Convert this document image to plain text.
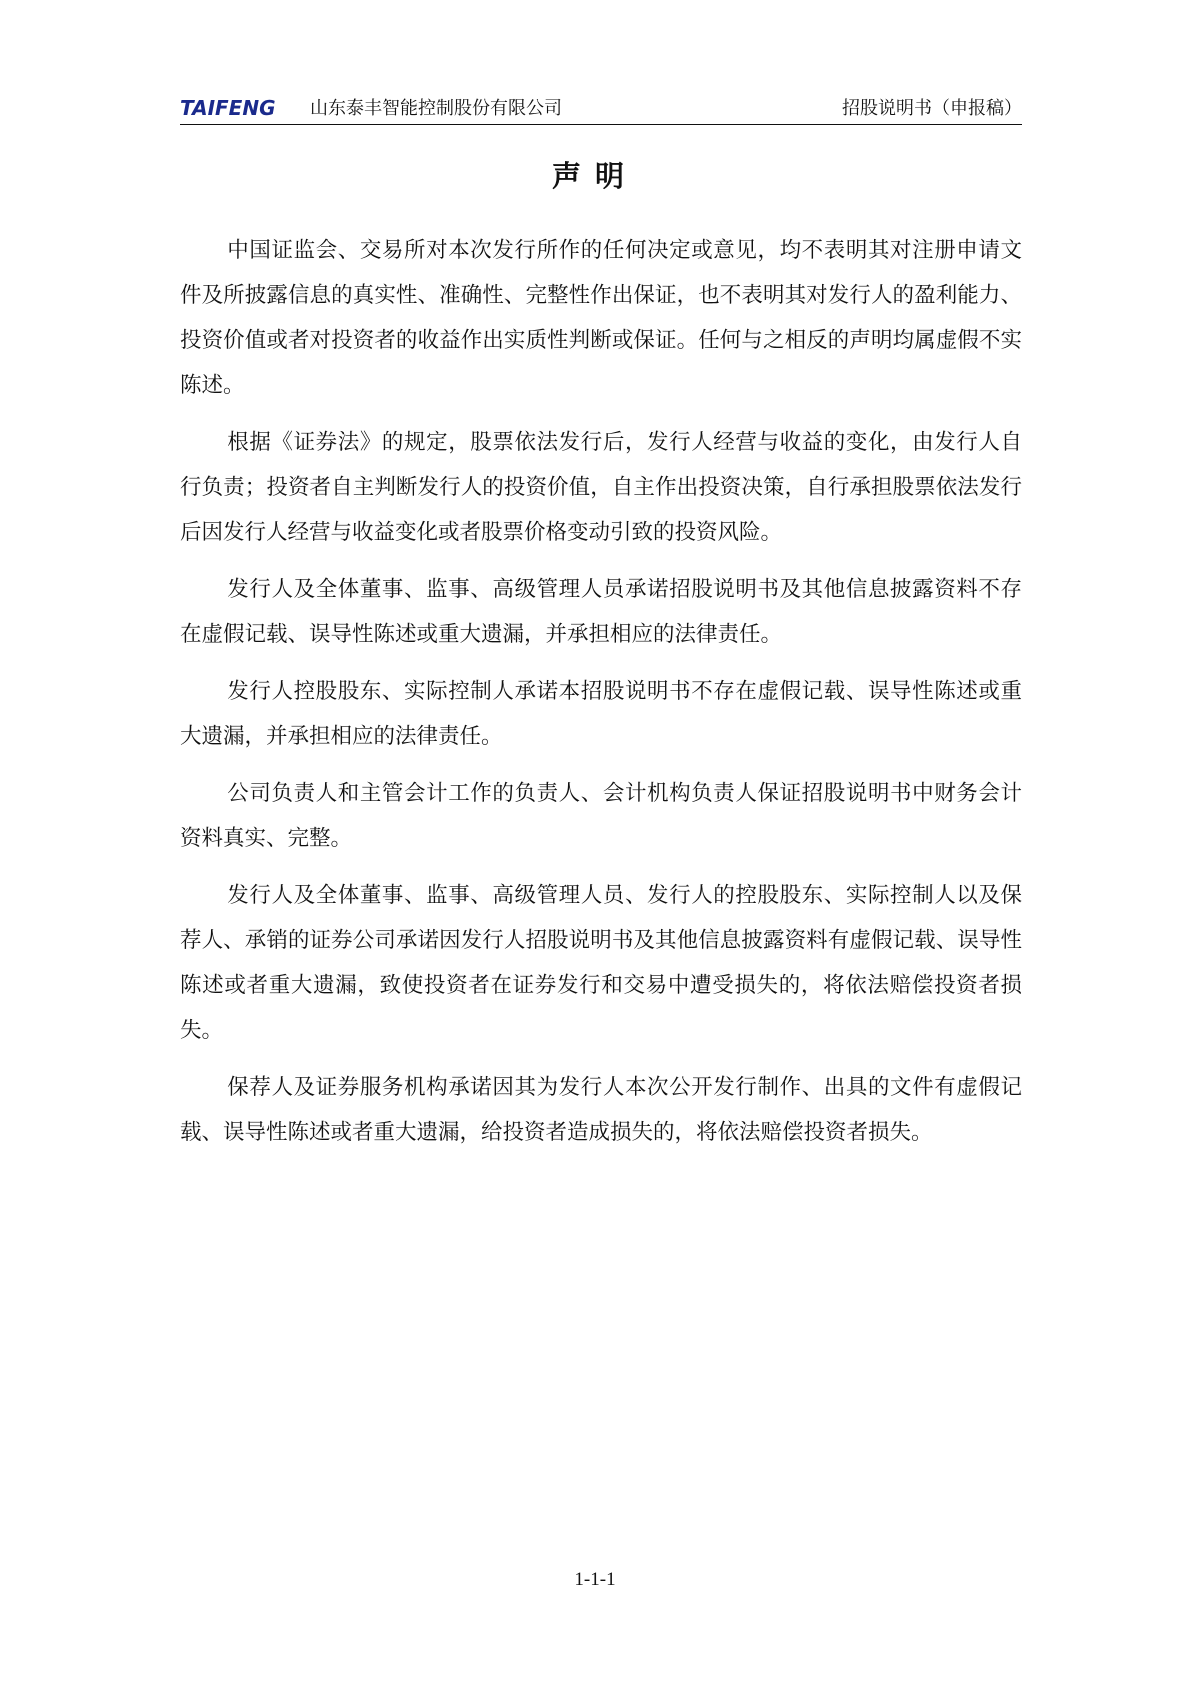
TAIFENG 山东泰丰智能控制股份有限公司	招股说明书（申报稿）
声明

中国证监会、交易所对本次发行所作的任何决定或意见，均不表明其对注册申请文件及所披露信息的真实性、准确性、完整性作出保证，也不表明其对发行人的盈利能力、投资价值或者对投资者的收益作出实质性判断或保证。任何与之相反的声明均属虚假不实陈述。

根据《证券法》的规定，股票依法发行后，发行人经营与收益的变化，由发行人自行负责；投资者自主判断发行人的投资价值，自主作出投资决策，自行承担股票依法发行后因发行人经营与收益变化或者股票价格变动引致的投资风险。

发行人及全体董事、监事、高级管理人员承诺招股说明书及其他信息披露资料不存在虚假记载、误导性陈述或重大遗漏，并承担相应的法律责任。

发行人控股股东、实际控制人承诺本招股说明书不存在虚假记载、误导性陈述或重大遗漏，并承担相应的法律责任。

公司负责人和主管会计工作的负责人、会计机构负责人保证招股说明书中财务会计资料真实、完整。

发行人及全体董事、监事、高级管理人员、发行人的控股股东、实际控制人以及保荐人、承销的证券公司承诺因发行人招股说明书及其他信息披露资料有虚假记载、误导性陈述或者重大遗漏，致使投资者在证券发行和交易中遭受损失的，将依法赔偿投资者损失。

保荐人及证券服务机构承诺因其为发行人本次公开发行制作、出具的文件有虚假记载、误导性陈述或者重大遗漏，给投资者造成损失的，将依法赔偿投资者损失。

1-1-1
